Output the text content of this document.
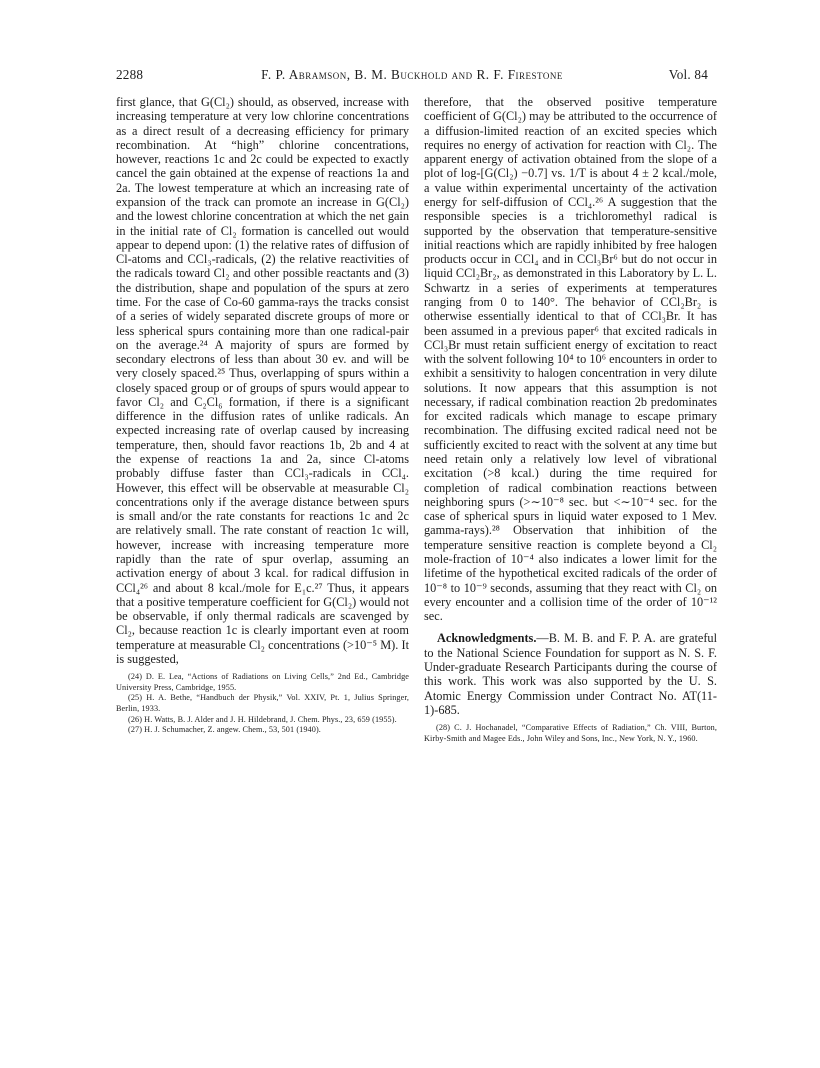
2288	F. P. Abramson, B. M. Buckhold and R. F. Firestone	Vol. 84

first glance, that G(Cl₂) should, as observed, increase with increasing temperature at very low chlorine concentrations as a direct result of a decreasing efficiency for primary recombination. At “high” chlorine concentrations, however, reactions 1c and 2c could be expected to exactly cancel the gain obtained at the expense of reactions 1a and 2a. The lowest temperature at which an increasing rate of expansion of the track can promote an increase in G(Cl₂) and the lowest chlorine concentration at which the net gain in the initial rate of Cl₂ formation is cancelled out would appear to depend upon: (1) the relative rates of diffusion of Cl-atoms and CCl₃-radicals, (2) the relative reactivities of the radicals toward Cl₂ and other possible reactants and (3) the distribution, shape and population of the spurs at zero time. For the case of Co-60 gamma-rays the tracks consist of a series of widely separated discrete groups of more or less spherical spurs containing more than one radical-pair on the average.²⁴ A majority of spurs are formed by secondary electrons of less than about 30 ev. and will be very closely spaced.²⁵ Thus, overlapping of spurs within a closely spaced group or of groups of spurs would appear to favor Cl₂ and C₂Cl₆ formation, if there is a significant difference in the diffusion rates of unlike radicals. An expected increasing rate of overlap caused by increasing temperature, then, should favor reactions 1b, 2b and 4 at the expense of reactions 1a and 2a, since Cl-atoms probably diffuse faster than CCl₃-radicals in CCl₄. However, this effect will be observable at measurable Cl₂ concentrations only if the average distance between spurs is small and/or the rate constants for reactions 1c and 2c are relatively small. The rate constant of reaction 1c will, however, increase with increasing temperature more rapidly than the rate of spur overlap, assuming an activation energy of about 3 kcal. for radical diffusion in CCl₄²⁶ and about 8 kcal./mole for E₁c.²⁷ Thus, it appears that a positive temperature coefficient for G(Cl₂) would not be observable, if only thermal radicals are scavenged by Cl₂, because reaction 1c is clearly important even at room temperature at measurable Cl₂ concentrations (>10⁻⁵ M). It is suggested,

(24) D. E. Lea, “Actions of Radiations on Living Cells,” 2nd Ed., Cambridge University Press, Cambridge, 1955.

(25) H. A. Bethe, “Handbuch der Physik,” Vol. XXIV, Pt. 1, Julius Springer, Berlin, 1933.

(26) H. Watts, B. J. Alder and J. H. Hildebrand, J. Chem. Phys., 23, 659 (1955).

(27) H. J. Schumacher, Z. angew. Chem., 53, 501 (1940).

therefore, that the observed positive temperature coefficient of G(Cl₂) may be attributed to the occurrence of a diffusion-limited reaction of an excited species which requires no energy of activation for reaction with Cl₂. The apparent energy of activation obtained from the slope of a plot of log-[G(Cl₂) −0.7] vs. 1/T is about 4 ± 2 kcal./mole, a value within experimental uncertainty of the activation energy for self-diffusion of CCl₄.²⁶ A suggestion that the responsible species is a trichloromethyl radical is supported by the observation that temperature-sensitive initial reactions which are rapidly inhibited by free halogen products occur in CCl₄ and in CCl₃Br⁶ but do not occur in liquid CCl₂Br₂, as demonstrated in this Laboratory by L. L. Schwartz in a series of experiments at temperatures ranging from 0 to 140°. The behavior of CCl₂Br₂ is otherwise essentially identical to that of CCl₃Br. It has been assumed in a previous paper⁶ that excited radicals in CCl₃Br must retain sufficient energy of excitation to react with the solvent following 10⁴ to 10⁶ encounters in order to exhibit a sensitivity to halogen concentration in very dilute solutions. It now appears that this assumption is not necessary, if radical combination reaction 2b predominates for excited radicals which manage to escape primary recombination. The diffusing excited radical need not be sufficiently excited to react with the solvent at any time but need retain only a relatively low level of vibrational excitation (>8 kcal.) during the time required for completion of radical combination reactions between neighboring spurs (>∼10⁻⁸ sec. but <∼10⁻⁴ sec. for the case of spherical spurs in liquid water exposed to 1 Mev. gamma-rays).²⁸ Observation that inhibition of the temperature sensitive reaction is complete beyond a Cl₂ mole-fraction of 10⁻⁴ also indicates a lower limit for the lifetime of the hypothetical excited radicals of the order of 10⁻⁸ to 10⁻⁹ seconds, assuming that they react with Cl₂ on every encounter and a collision time of the order of 10⁻¹² sec.

Acknowledgments.—B. M. B. and F. P. A. are grateful to the National Science Foundation for support as N. S. F. Under-graduate Research Participants during the course of this work. This work was also supported by the U. S. Atomic Energy Commission under Contract No. AT(11-1)-685.

(28) C. J. Hochanadel, “Comparative Effects of Radiation,” Ch. VIII, Burton, Kirby-Smith and Magee Eds., John Wiley and Sons, Inc., New York, N. Y., 1960.
